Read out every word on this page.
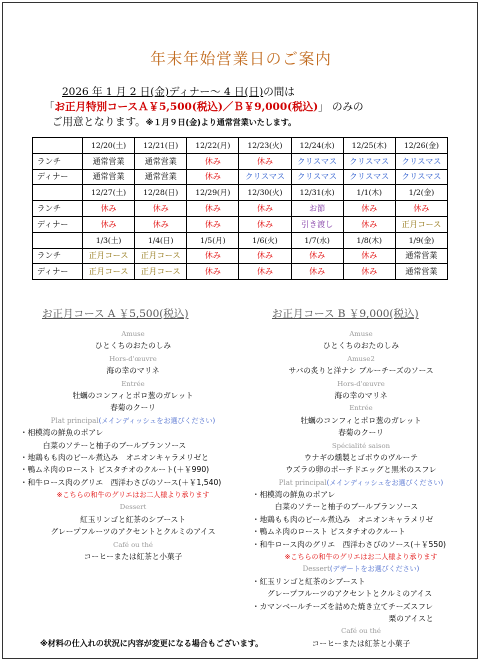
年末年始営業日のご案内
2026 年 1 月 2 日(金)ディナー〜 4 日(日)の間は
「お正月特別コースＡ￥5,500(税込)／Ｂ￥9,000(税込)」 のみの
ご用意となります。※１月９日(金)より通常営業いたします。
	12/20(土)	12/21(日)	12/22(月)	12/23(火)	12/24(水)	12/25(木)	12/26(金)
ランチ	通常営業	通常営業	休み	休み	クリスマス	クリスマス	クリスマス
ディナー	通常営業	通常営業	休み	クリスマス	クリスマス	クリスマス	クリスマス
	12/27(土)	12/28(日)	12/29(月)	12/30(火)	12/31(水)	1/1(木)	1/2(金)
ランチ	休み	休み	休み	休み	お節	休み	休み
ディナー	休み	休み	休み	休み	引き渡し	休み	正月コース
	1/3(土)	1/4(日)	1/5(月)	1/6(火)	1/7(水)	1/8(木)	1/9(金)
ランチ	正月コース	正月コース	休み	休み	休み	休み	通常営業
ディナー	正月コース	正月コース	休み	休み	休み	休み	通常営業
お正月コース A ￥5,500(税込)	お正月コース B ￥9,000(税込)
Amuse
ひとくちのおたのしみ
Hors-d'œuvre
海の幸のマリネ
Entrée
牡蠣のコンフィとポロ葱のガレット
春菊のクーリ
Plat principal(メインディッシュをお選びください)
・相模湾の鮮魚のポアレ
　　　白菜のソテーと柚子のブールブランソース
・地鶏もも肉のビール煮込み　オニオンキャラメリゼと
・鴨ムネ肉のロースト ピスタチオのクルート(＋￥990)
・和牛ロース肉のグリエ　西洋わさびのソース(＋￥1,540)
※こちらの和牛のグリエはお二人様より承ります
Dessert
紅玉リンゴと紅茶のシブースト
グレープフルーツのアクセントとクルミのアイス
Café ou thé
コーヒーまたは紅茶と小菓子
Amuse
ひとくちのおたのしみ
Amuse2
サバの炙りと洋ナシ ブルーチーズのソース
Hors-d'œuvre
海の幸のマリネ
Entrée
牡蠣のコンフィとポロ葱のガレット
春菊のクーリ
Spécialité saison
ウナギの燻製とゴボウのヴルーテ
ウズラの卵のポーチドエッグと黒米のスフレ
Plat principal(メインディッシュをお選びください)
・相模湾の鮮魚のポアレ
　　　白菜のソテーと柚子のブールブランソース
・地鶏もも肉のビール煮込み　オニオンキャラメリゼ
・鴨ムネ肉のロースト ピスタチオのクルート
・和牛ロース肉のグリエ　西洋わさびのソース(＋￥550)
※こちらの和牛のグリエはお二人様より承ります
Dessert(デザートをお選びください)
・紅玉リンゴと紅茶のシブースト
　　グレープフルーツのアクセントとクルミのアイス
・カマンベールチーズを詰めた焼き立てチーズスフレ
　　　　　　　　　　　　　　　　　　栗のアイスと
Café ou thé
コーヒーまたは紅茶と小菓子
※材料の仕入れの状況に内容が変更になる場合もございます。
